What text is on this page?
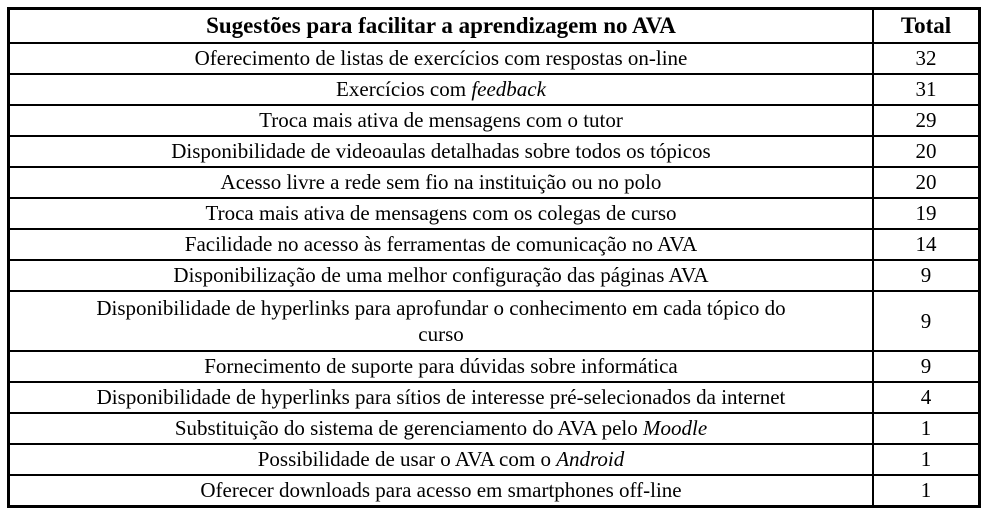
Sugestões para facilitar a aprendizagem no AVA	Total
Oferecimento de listas de exercícios com respostas on-line	32
Exercícios com feedback	31
Troca mais ativa de mensagens com o tutor	29
Disponibilidade de videoaulas detalhadas sobre todos os tópicos	20
Acesso livre a rede sem fio na instituição ou no polo	20
Troca mais ativa de mensagens com os colegas de curso	19
Facilidade no acesso às ferramentas de comunicação no AVA	14
Disponibilização de uma melhor configuração das páginas AVA	9
Disponibilidade de hyperlinks para aprofundar o conhecimento em cada tópico do
curso	9
Fornecimento de suporte para dúvidas sobre informática	9
Disponibilidade de hyperlinks para sítios de interesse pré-selecionados da internet	4
Substituição do sistema de gerenciamento do AVA pelo Moodle	1
Possibilidade de usar o AVA com o Android	1
Oferecer downloads para acesso em smartphones off-line	1
